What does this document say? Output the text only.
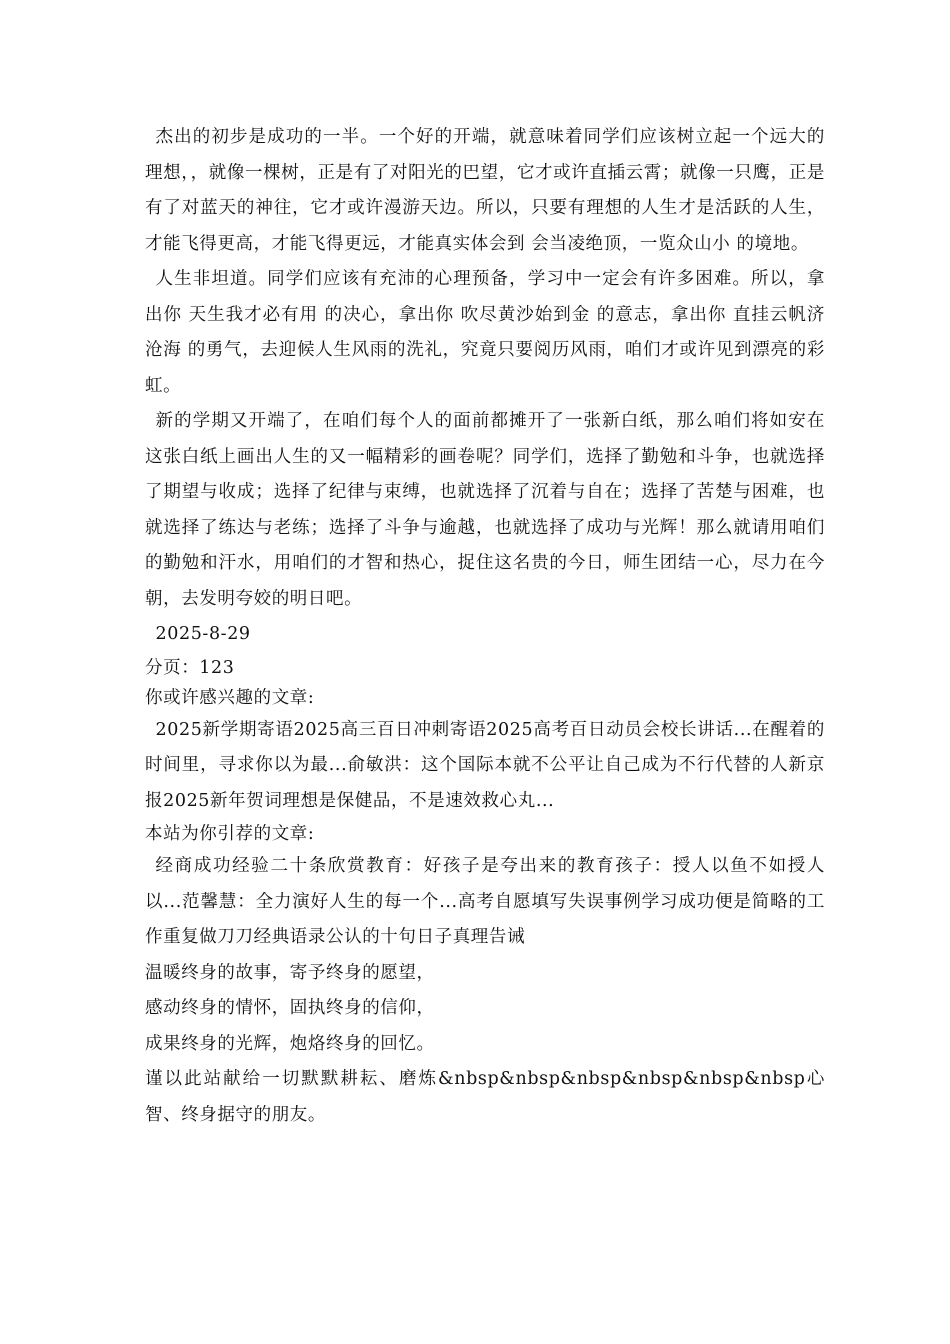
杰出的初步是成功的一半。一个好的开端，就意味着同学们应该树立起一个远大的理想，，就像一棵树，正是有了对阳光的巴望，它才或许直插云霄；就像一只鹰，正是有了对蓝天的神往，它才或许漫游天边。所以，只要有理想的人生才是活跃的人生，才能飞得更高，才能飞得更远，才能真实体会到 会当凌绝顶，一览众山小 的境地。

人生非坦道。同学们应该有充沛的心理预备，学习中一定会有许多困难。所以，拿出你 天生我才必有用 的决心，拿出你 吹尽黄沙始到金 的意志，拿出你 直挂云帆济沧海 的勇气，去迎候人生风雨的洗礼，究竟只要阅历风雨，咱们才或许见到漂亮的彩虹。

新的学期又开端了，在咱们每个人的面前都摊开了一张新白纸，那么咱们将如安在这张白纸上画出人生的又一幅精彩的画卷呢？同学们，选择了勤勉和斗争，也就选择了期望与收成；选择了纪律与束缚，也就选择了沉着与自在；选择了苦楚与困难，也就选择了练达与老练；选择了斗争与逾越，也就选择了成功与光辉！那么就请用咱们的勤勉和汗水，用咱们的才智和热心，捉住这名贵的今日，师生团结一心，尽力在今朝，去发明夸姣的明日吧。

2025-8-29

分页：123

你或许感兴趣的文章:

2025新学期寄语2025高三百日冲刺寄语2025高考百日动员会校长讲话...在醒着的时间里，寻求你以为最...俞敏洪：这个国际本就不公平让自己成为不行代替的人新京报2025新年贺词理想是保健品，不是速效救心丸...

本站为你引荐的文章:

经商成功经验二十条欣赏教育：好孩子是夸出来的教育孩子：授人以鱼不如授人以...范馨慧：全力演好人生的每一个...高考自愿填写失误事例学习成功便是简略的工作重复做刀刀经典语录公认的十句日子真理告诫

温暖终身的故事，寄予终身的愿望，

感动终身的情怀，固执终身的信仰，

成果终身的光辉，炮烙终身的回忆。

谨以此站献给一切默默耕耘、磨炼&nbsp&nbsp&nbsp&nbsp&nbsp&nbsp心智、终身据守的朋友。
